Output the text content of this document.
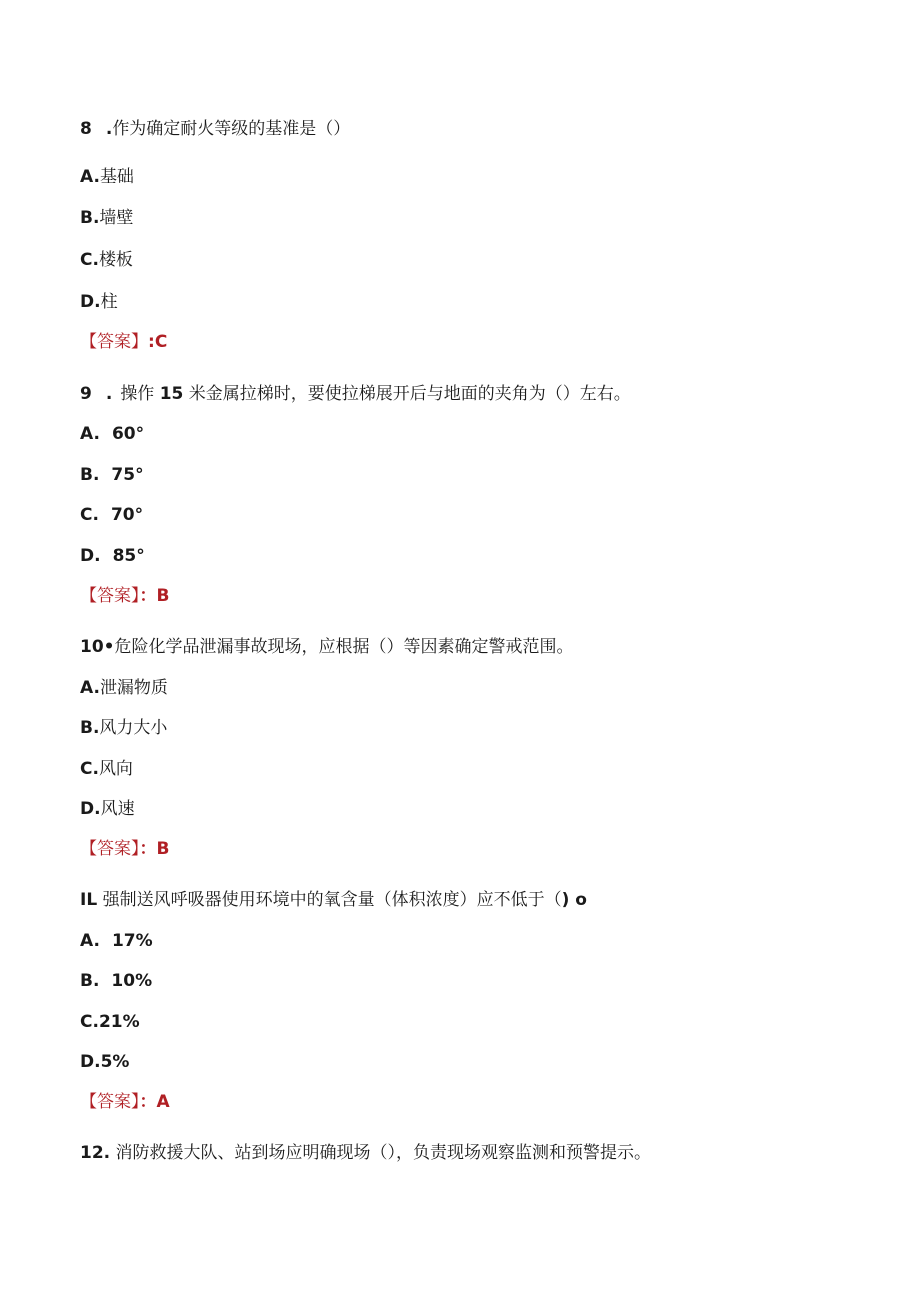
8 .作为确定耐火等级的基准是（）
A.基础
B.墙壁
C.楼板
D.柱
【答案】:C
9 . 操作 15 米金属拉梯时，要使拉梯展开后与地面的夹角为（）左右。
A. 60°
B. 75°
C. 70°
D. 85°
【答案】：B
10•危险化学品泄漏事故现场，应根据（）等因素确定警戒范围。
A.泄漏物质
B.风力大小
C.风向
D.风速
【答案】：B
IL 强制送风呼吸器使用环境中的氧含量（体积浓度）应不低于（) o
A. 17%
B. 10%
C.21%
D.5%
【答案】：A
12. 消防救援大队、站到场应明确现场（），负责现场观察监测和预警提示。
